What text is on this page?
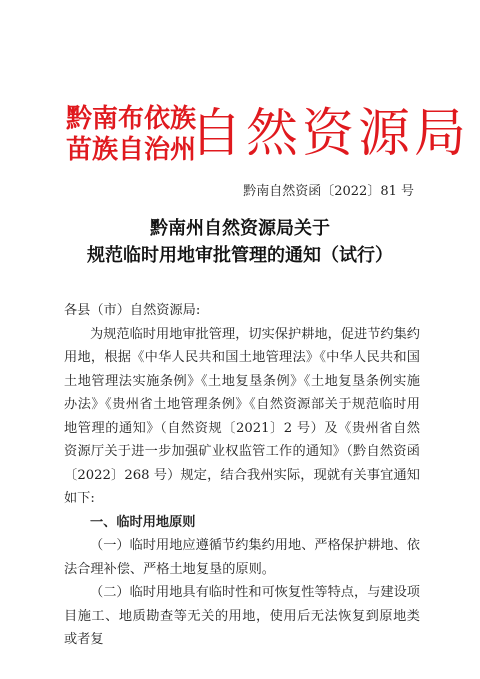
黔南布依族
苗族自治州
自然资源局
黔南自然资函〔2022〕81 号
黔南州自然资源局关于
规范临时用地审批管理的通知（试行）

各县（市）自然资源局:

为规范临时用地审批管理，切实保护耕地，促进节约集约用地，根据《中华人民共和国土地管理法》《中华人民共和国土地管理法实施条例》《土地复垦条例》《土地复垦条例实施办法》《贵州省土地管理条例》《自然资源部关于规范临时用地管理的通知》（自然资规〔2021〕2 号）及《贵州省自然资源厅关于进一步加强矿业权监管工作的通知》（黔自然资函〔2022〕268 号）规定，结合我州实际，现就有关事宜通知如下:

一、临时用地原则

（一）临时用地应遵循节约集约用地、严格保护耕地、依法合理补偿、严格土地复垦的原则。

（二）临时用地具有临时性和可恢复性等特点，与建设项目施工、地质勘查等无关的用地，使用后无法恢复到原地类或者复
